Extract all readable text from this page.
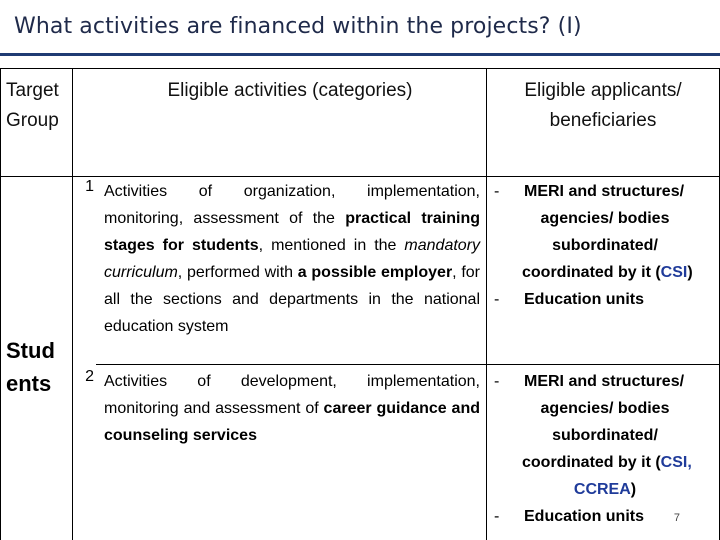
What activities are financed within the projects? (I)
Target Group
Eligible activities (categories)	Eligible applicants/ beneficiaries
Stud ents
1 Activities of organization, implementation, monitoring, assessment of the practical training stages for students, mentioned in the mandatory curriculum, performed with a possible employer, for all the sections and departments in the national education system
- MERI and structures/
agencies/ bodies
subordinated/
coordinated by it (CSI)
- Education units
2 Activities of development, implementation, monitoring and assessment of career guidance and counseling services
- MERI and structures/
agencies/ bodies
subordinated/
coordinated by it (CSI,
CCREA)
- Education units	7
